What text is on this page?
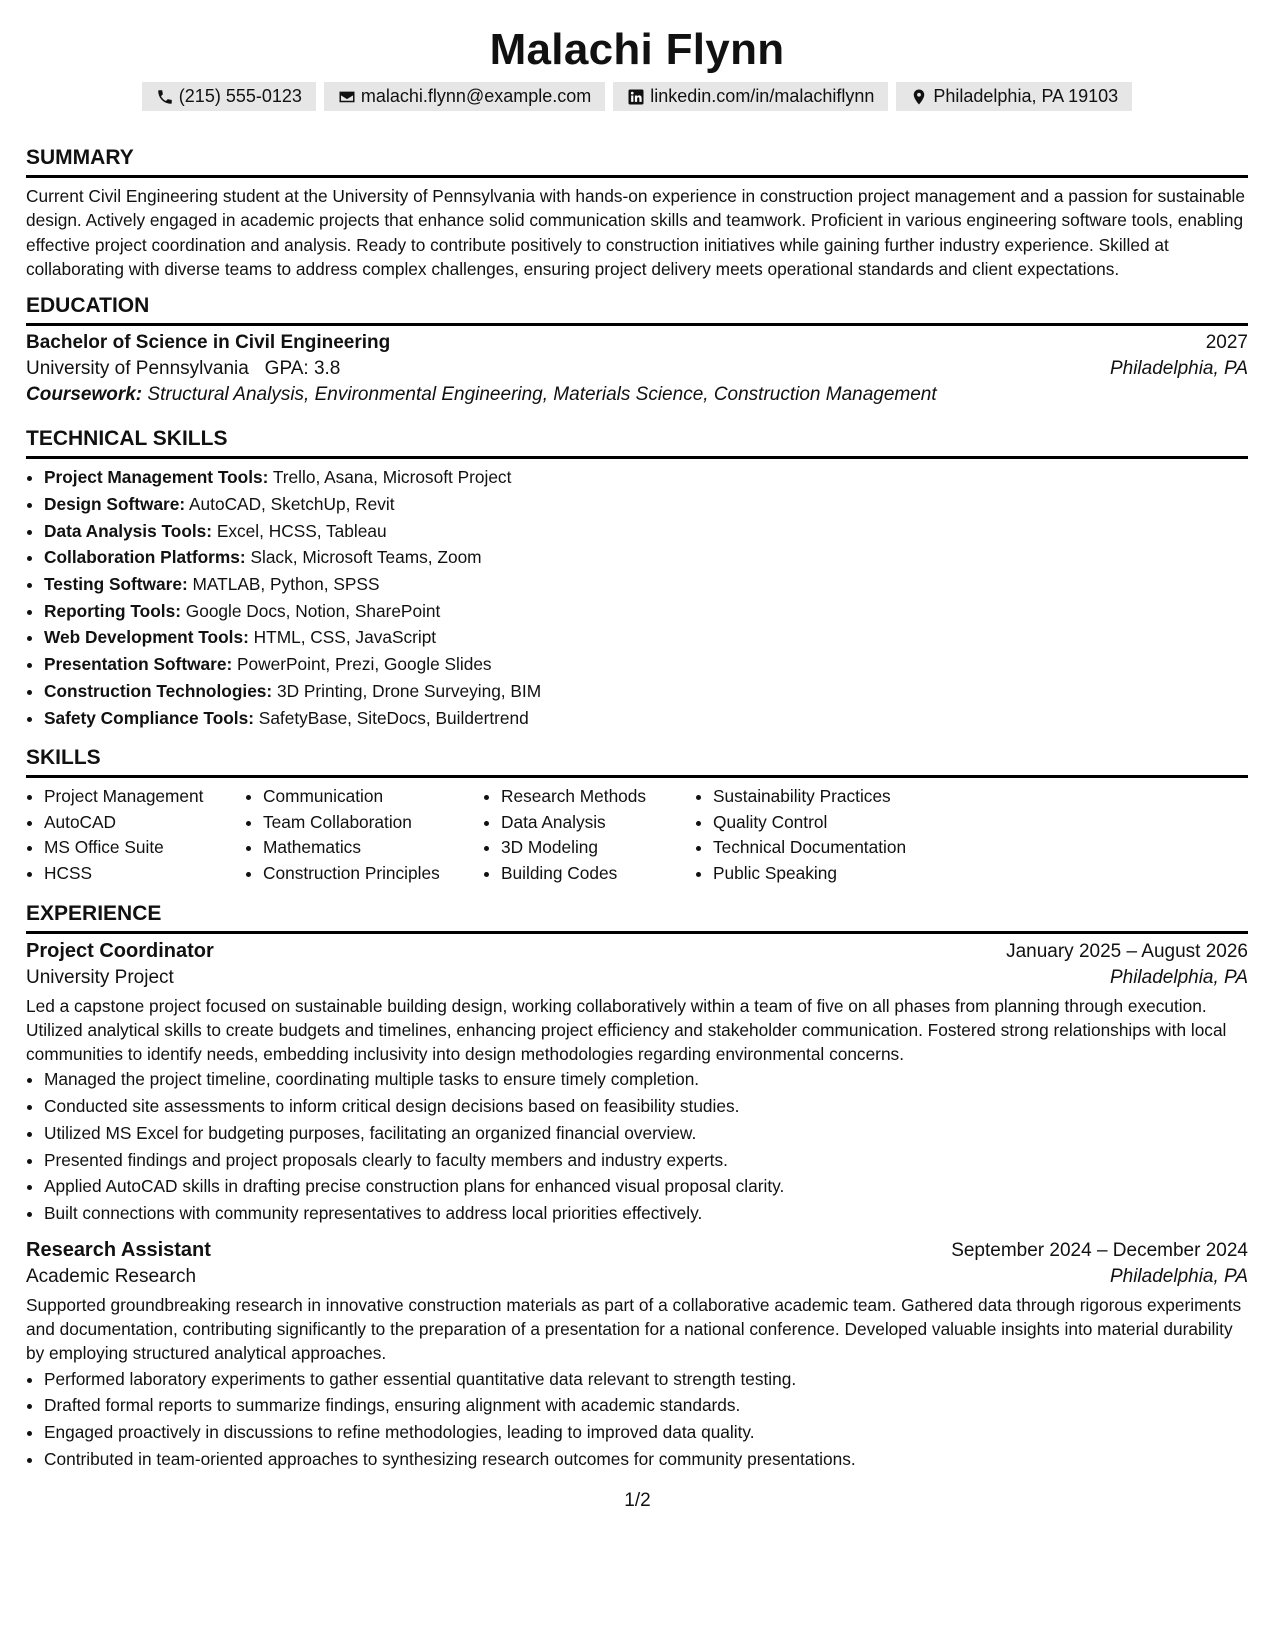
Malachi Flynn
(215) 555-0123	malachi.flynn@example.com	linkedin.com/in/malachiflynn	Philadelphia, PA 19103
SUMMARY

Current Civil Engineering student at the University of Pennsylvania with hands-on experience in construction project management and a passion for sustainable design. Actively engaged in academic projects that enhance solid communication skills and teamwork. Proficient in various engineering software tools, enabling effective project coordination and analysis. Ready to contribute positively to construction initiatives while gaining further industry experience. Skilled at collaborating with diverse teams to address complex challenges, ensuring project delivery meets operational standards and client expectations.

EDUCATION
Bachelor of Science in Civil Engineering	2027
University of Pennsylvania GPA: 3.8	Philadelphia, PA
Coursework: Structural Analysis, Environmental Engineering, Materials Science, Construction Management
TECHNICAL SKILLS
• Project Management Tools: Trello, Asana, Microsoft Project
• Design Software: AutoCAD, SketchUp, Revit
• Data Analysis Tools: Excel, HCSS, Tableau
• Collaboration Platforms: Slack, Microsoft Teams, Zoom
• Testing Software: MATLAB, Python, SPSS
• Reporting Tools: Google Docs, Notion, SharePoint
• Web Development Tools: HTML, CSS, JavaScript
• Presentation Software: PowerPoint, Prezi, Google Slides
• Construction Technologies: 3D Printing, Drone Surveying, BIM
• Safety Compliance Tools: SafetyBase, SiteDocs, Buildertrend
SKILLS
• Project Management
• AutoCAD
• MS Office Suite
• HCSS
• Communication
• Team Collaboration
• Mathematics
• Construction Principles
• Research Methods
• Data Analysis
• 3D Modeling
• Building Codes
• Sustainability Practices
• Quality Control
• Technical Documentation
• Public Speaking
EXPERIENCE
Project Coordinator	January 2025 – August 2026
University Project	Philadelphia, PA

Led a capstone project focused on sustainable building design, working collaboratively within a team of five on all phases from planning through execution. Utilized analytical skills to create budgets and timelines, enhancing project efficiency and stakeholder communication. Fostered strong relationships with local communities to identify needs, embedding inclusivity into design methodologies regarding environmental concerns.

• Managed the project timeline, coordinating multiple tasks to ensure timely completion.
• Conducted site assessments to inform critical design decisions based on feasibility studies.
• Utilized MS Excel for budgeting purposes, facilitating an organized financial overview.
• Presented findings and project proposals clearly to faculty members and industry experts.
• Applied AutoCAD skills in drafting precise construction plans for enhanced visual proposal clarity.
• Built connections with community representatives to address local priorities effectively.
Research Assistant	September 2024 – December 2024
Academic Research	Philadelphia, PA

Supported groundbreaking research in innovative construction materials as part of a collaborative academic team. Gathered data through rigorous experiments and documentation, contributing significantly to the preparation of a presentation for a national conference. Developed valuable insights into material durability by employing structured analytical approaches.

• Performed laboratory experiments to gather essential quantitative data relevant to strength testing.
• Drafted formal reports to summarize findings, ensuring alignment with academic standards.
• Engaged proactively in discussions to refine methodologies, leading to improved data quality.
• Contributed in team-oriented approaches to synthesizing research outcomes for community presentations.
1/2
